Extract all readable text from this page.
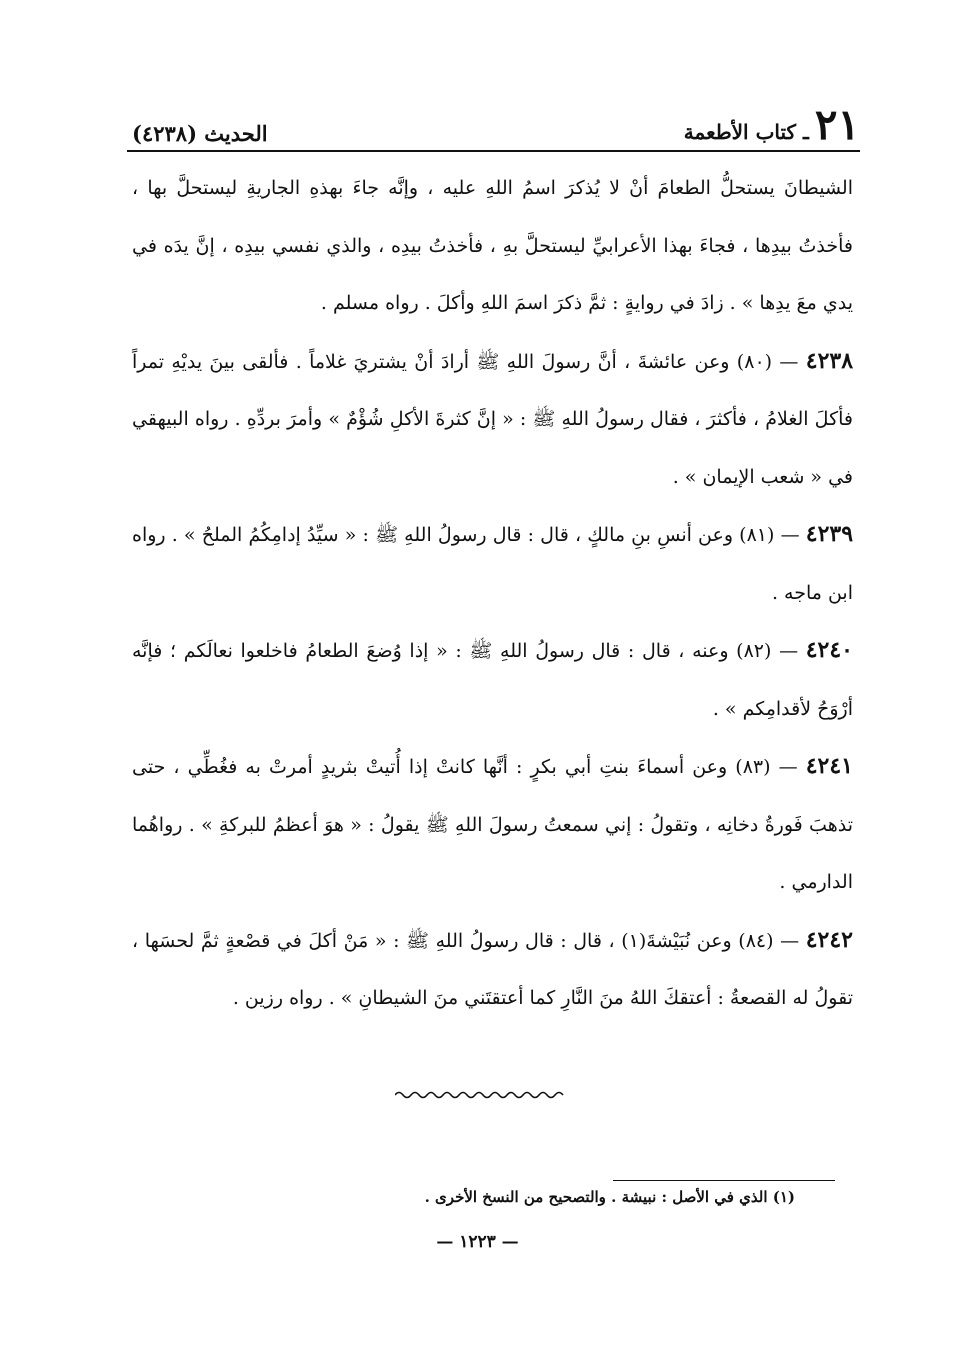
٢١ـ كتاب الأطعمة
الحديث (٤٢٣٨)

الشيطانَ يستحلُّ الطعامَ أنْ لا يُذكرَ اسمُ اللهِ عليه ، وإنَّه جاءَ بهذهِ الجاريةِ ليستحلَّ بها ، فأخذتُ بيدِها ، فجاءَ بهذا الأعرابيِّ ليستحلَّ بهِ ، فأخذتُ بيدِه ، والذي نفسي بيدِه ، إنَّ يدَه في يدي معَ يدِها » . زادَ في روايةٍ : ثمَّ ذكرَ اسمَ اللهِ وأكلَ . رواه مسلم .

٤٢٣٨ — (٨٠) وعن عائشةَ ، أنَّ رسولَ اللهِ ﷺ أرادَ أنْ يشتريَ غلاماً . فألقى بينَ يديْهِ تمراً فأكلَ الغلامُ ، فأكثرَ ، فقال رسولُ اللهِ ﷺ : « إنَّ كثرةَ الأكلِ شُؤْمٌ » وأمرَ بردِّهِ . رواه البيهقي في « شعب الإيمان » .

٤٢٣٩ — (٨١) وعن أنسِ بنِ مالكٍ ، قال : قال رسولُ اللهِ ﷺ : « سيِّدُ إدامِكُمُ الملحُ » . رواه ابن ماجه .

٤٢٤٠ — (٨٢) وعنه ، قال : قال رسولُ اللهِ ﷺ : « إذا وُضعَ الطعامُ فاخلعوا نعالَكم ؛ فإنَّه أرْوَحُ لأقدامِكم » .

٤٢٤١ — (٨٣) وعن أسماءَ بنتِ أبي بكرٍ : أنَّها كانتْ إذا أُتيتْ بثريدٍ أمرتْ به فغُطِّي ، حتى تذهبَ فَورةُ دخانِه ، وتقولُ : إني سمعتُ رسولَ اللهِ ﷺ يقولُ : « هوَ أعظمُ للبركةِ » . رواهُما الدارمي .

٤٢٤٢ — (٨٤) وعن نُبَيْشةَ(١) ، قال : قال رسولُ اللهِ ﷺ : « مَنْ أكلَ في قصْعةٍ ثمَّ لحسَها ، تقولُ له القصعةُ : أعتقكَ اللهُ منَ النَّارِ كما أعتقتَني منَ الشيطانِ » . رواه رزين .

(١) الذي في الأصل : نبيشة . والتصحيح من النسخ الأخرى .
— ١٢٢٣ —
